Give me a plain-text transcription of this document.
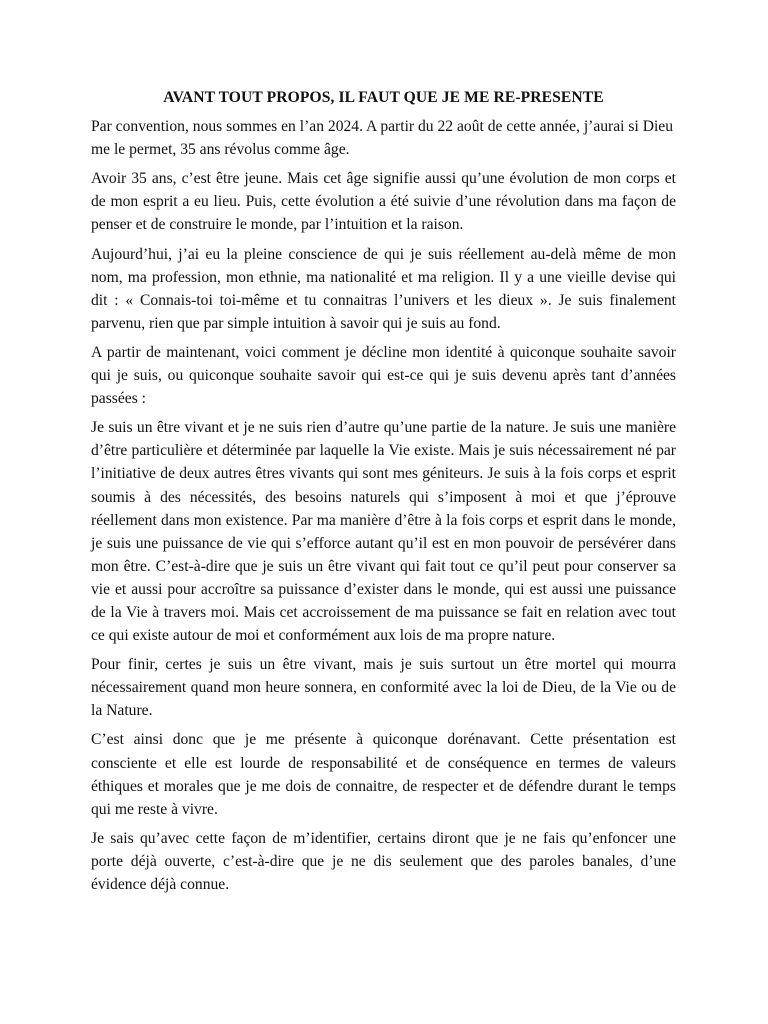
AVANT TOUT PROPOS, IL FAUT QUE JE ME RE-PRESENTE

Par convention, nous sommes en l’an 2024. A partir du 22 août de cette année, j’aurai si Dieu me le permet, 35 ans révolus comme âge.

Avoir 35 ans, c’est être jeune. Mais cet âge signifie aussi qu’une évolution de mon corps et de mon esprit a eu lieu. Puis, cette évolution a été suivie d’une révolution dans ma façon de penser et de construire le monde, par l’intuition et la raison.

Aujourd’hui, j’ai eu la pleine conscience de qui je suis réellement au-delà même de mon nom, ma profession, mon ethnie, ma nationalité et ma religion. Il y a une vieille devise qui dit : « Connais-toi toi-même et tu connaitras l’univers et les dieux ». Je suis finalement parvenu, rien que par simple intuition à savoir qui je suis au fond.

A partir de maintenant, voici comment je décline mon identité à quiconque souhaite savoir qui je suis, ou quiconque souhaite savoir qui est-ce qui je suis devenu après tant d’années passées :

Je suis un être vivant et je ne suis rien d’autre qu’une partie de la nature. Je suis une manière d’être particulière et déterminée par laquelle la Vie existe. Mais je suis nécessairement né par l’initiative de deux autres êtres vivants qui sont mes géniteurs. Je suis à la fois corps et esprit soumis à des nécessités, des besoins naturels qui s’imposent à moi et que j’éprouve réellement dans mon existence. Par ma manière d’être à la fois corps et esprit dans le monde, je suis une puissance de vie qui s’efforce autant qu’il est en mon pouvoir de persévérer dans mon être. C’est-à-dire que je suis un être vivant qui fait tout ce qu’il peut pour conserver sa vie et aussi pour accroître sa puissance d’exister dans le monde, qui est aussi une puissance de la Vie à travers moi. Mais cet accroissement de ma puissance se fait en relation avec tout ce qui existe autour de moi et conformément aux lois de ma propre nature.

Pour finir, certes je suis un être vivant, mais je suis surtout un être mortel qui mourra nécessairement quand mon heure sonnera, en conformité avec la loi de Dieu, de la Vie ou de la Nature.

C’est ainsi donc que je me présente à quiconque dorénavant. Cette présentation est consciente et elle est lourde de responsabilité et de conséquence en termes de valeurs éthiques et morales que je me dois de connaitre, de respecter et de défendre durant le temps qui me reste à vivre.

Je sais qu’avec cette façon de m’identifier, certains diront que je ne fais qu’enfoncer une porte déjà ouverte, c’est-à-dire que je ne dis seulement que des paroles banales, d’une évidence déjà connue.
